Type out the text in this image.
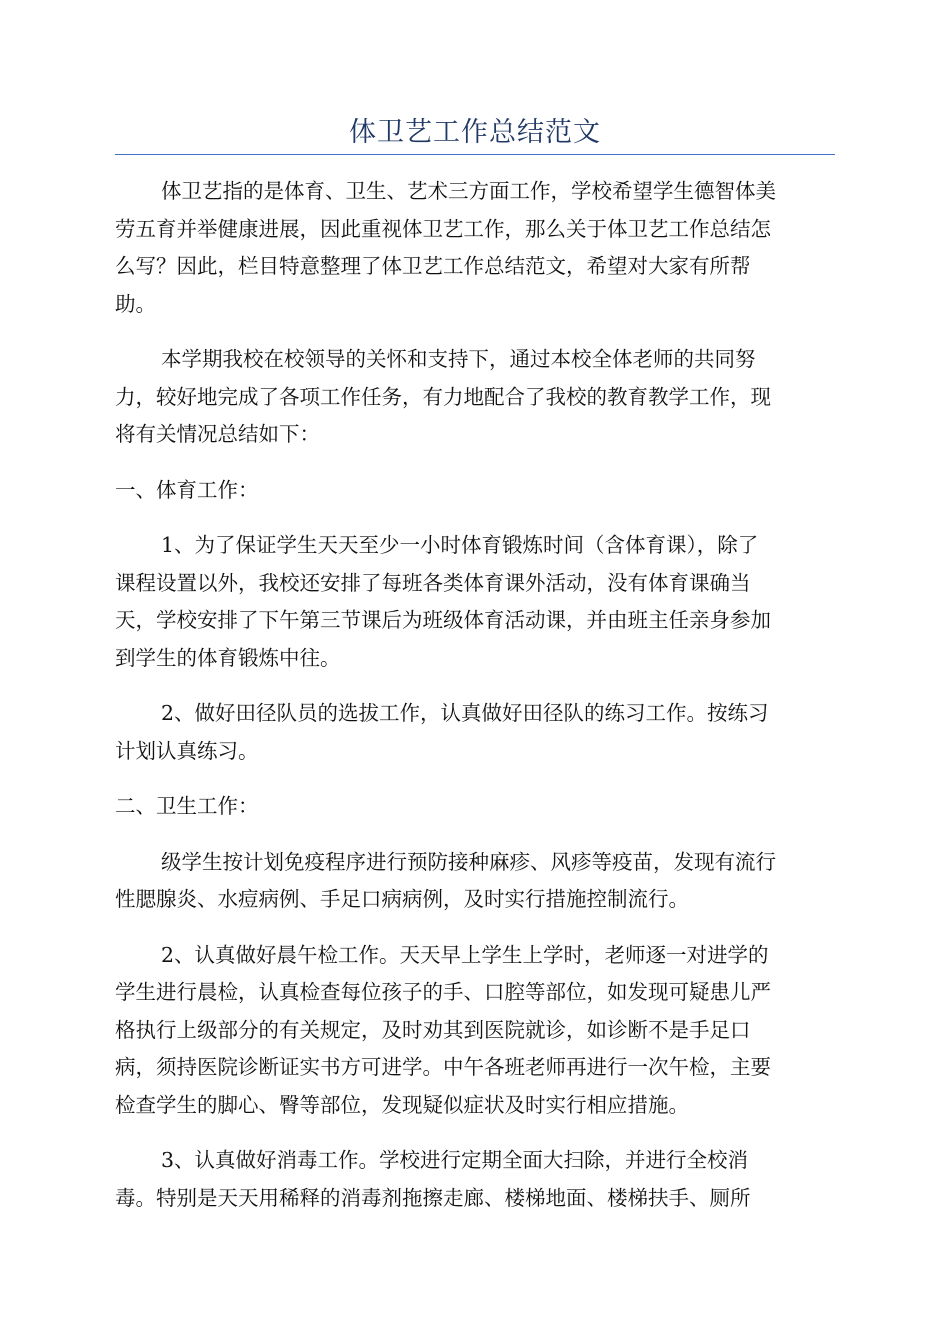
体卫艺工作总结范文
体卫艺指的是体育、卫生、艺术三方面工作，学校希望学生德智体美
劳五育并举健康进展，因此重视体卫艺工作，那么关于体卫艺工作总结怎
么写？因此，栏目特意整理了体卫艺工作总结范文，希望对大家有所帮
助。
本学期我校在校领导的关怀和支持下，通过本校全体老师的共同努
力，较好地完成了各项工作任务，有力地配合了我校的教育教学工作，现
将有关情况总结如下：
一、体育工作：
1、为了保证学生天天至少一小时体育锻炼时间（含体育课），除了
课程设置以外，我校还安排了每班各类体育课外活动，没有体育课确当
天，学校安排了下午第三节课后为班级体育活动课，并由班主任亲身参加
到学生的体育锻炼中往。
2、做好田径队员的选拔工作，认真做好田径队的练习工作。按练习
计划认真练习。
二、卫生工作：
级学生按计划免疫程序进行预防接种麻疹、风疹等疫苗，发现有流行
性腮腺炎、水痘病例、手足口病病例，及时实行措施控制流行。
2、认真做好晨午检工作。天天早上学生上学时，老师逐一对进学的
学生进行晨检，认真检查每位孩子的手、口腔等部位，如发现可疑患儿严
格执行上级部分的有关规定，及时劝其到医院就诊，如诊断不是手足口
病，须持医院诊断证实书方可进学。中午各班老师再进行一次午检，主要
检查学生的脚心、臀等部位，发现疑似症状及时实行相应措施。
3、认真做好消毒工作。学校进行定期全面大扫除，并进行全校消
毒。特别是天天用稀释的消毒剂拖擦走廊、楼梯地面、楼梯扶手、厕所
